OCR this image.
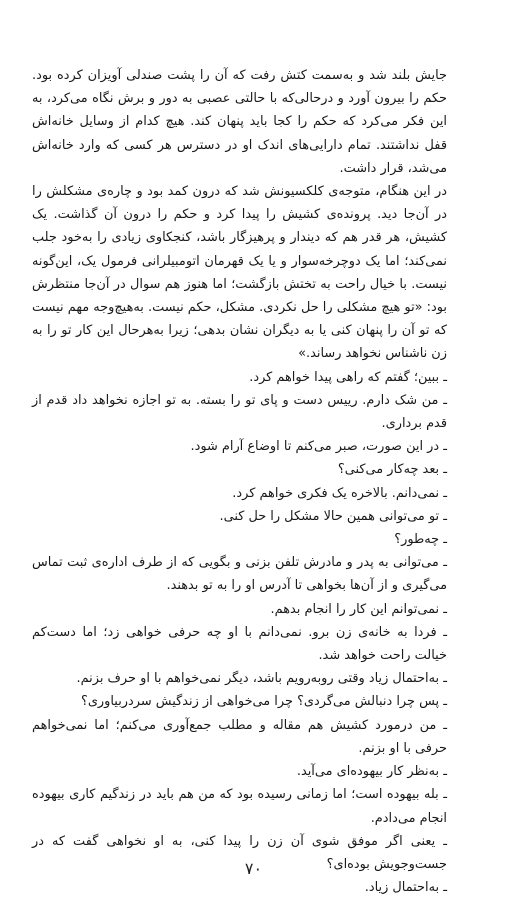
جایش بلند شد و به‌سمت کتش رفت که آن را پشت صندلی آویزان کرده بود. حکم را بیرون آورد و درحالی‌که با حالتی عصبی به دور و برش نگاه می‌کرد، به این فکر می‌کرد که حکم را کجا باید پنهان کند. هیچ کدام از وسایل خانه‌اش قفل نداشتند. تمام دارایی‌های اندک او در دسترس هر کسی که وارد خانه‌اش می‌شد، قرار داشت.

در این هنگام، متوجه‌ی کلکسیونش شد که درون کمد بود و چاره‌ی مشکلش را در آن‌جا دید. پرونده‌ی کشیش را پیدا کرد و حکم را درون آن گذاشت. یک کشیش، هر قدر هم که دیندار و پرهیزگار باشد، کنجکاوی زیادی را به‌خود جلب نمی‌کند؛ اما یک دوچرخه‌سوار و یا یک قهرمان اتومبیلرانی فرمول یک، این‌گونه نیست. با خیال راحت به تختش بازگشت؛ اما هنوز هم سوال در آن‌جا منتظرش بود: «تو هیچ مشکلی را حل نکردی. مشکل، حکم نیست. به‌هیچ‌وجه مهم نیست که تو آن را پنهان کنی یا به دیگران نشان بدهی؛ زیرا به‌هرحال این کار تو را به زن ناشناس نخواهد رساند.»

ـ ببین؛ گفتم که راهی پیدا خواهم کرد.

ـ من شک دارم. رییس دست و پای تو را بسته. به تو اجازه نخواهد داد قدم از قدم برداری.

ـ در این صورت، صبر می‌کنم تا اوضاع آرام شود.

ـ بعد چه‌کار می‌کنی؟

ـ نمی‌دانم. بالاخره یک فکری خواهم کرد.

ـ تو می‌توانی همین حالا مشکل را حل کنی.

ـ چه‌طور؟

ـ می‌توانی به پدر و مادرش تلفن بزنی و بگویی که از طرف اداره‌ی ثبت تماس می‌گیری و از آن‌ها بخواهی تا آدرس او را به تو بدهند.

ـ نمی‌توانم این کار را انجام بدهم.

ـ فردا به خانه‌ی زن برو. نمی‌دانم با او چه حرفی خواهی زد؛ اما دست‌کم خیالت راحت خواهد شد.

ـ به‌احتمال زیاد وقتی روبه‌رویم باشد، دیگر نمی‌خواهم با او حرف بزنم.

ـ پس چرا دنبالش می‌گردی؟ چرا می‌خواهی از زندگیش سردربیاوری؟

ـ من درمورد کشیش هم مقاله و مطلب جمع‌آوری می‌کنم؛ اما نمی‌خواهم حرفی با او بزنم.

ـ به‌نظر کار بیهوده‌ای می‌آید.

ـ بله بیهوده است؛ اما زمانی رسیده بود که من هم باید در زندگیم کاری بیهوده انجام می‌دادم.

ـ یعنی اگر موفق شوی آن زن را پیدا کنی، به او نخواهی گفت که در جست‌وجویش بوده‌ای؟

ـ به‌احتمال زیاد.

۷۰
